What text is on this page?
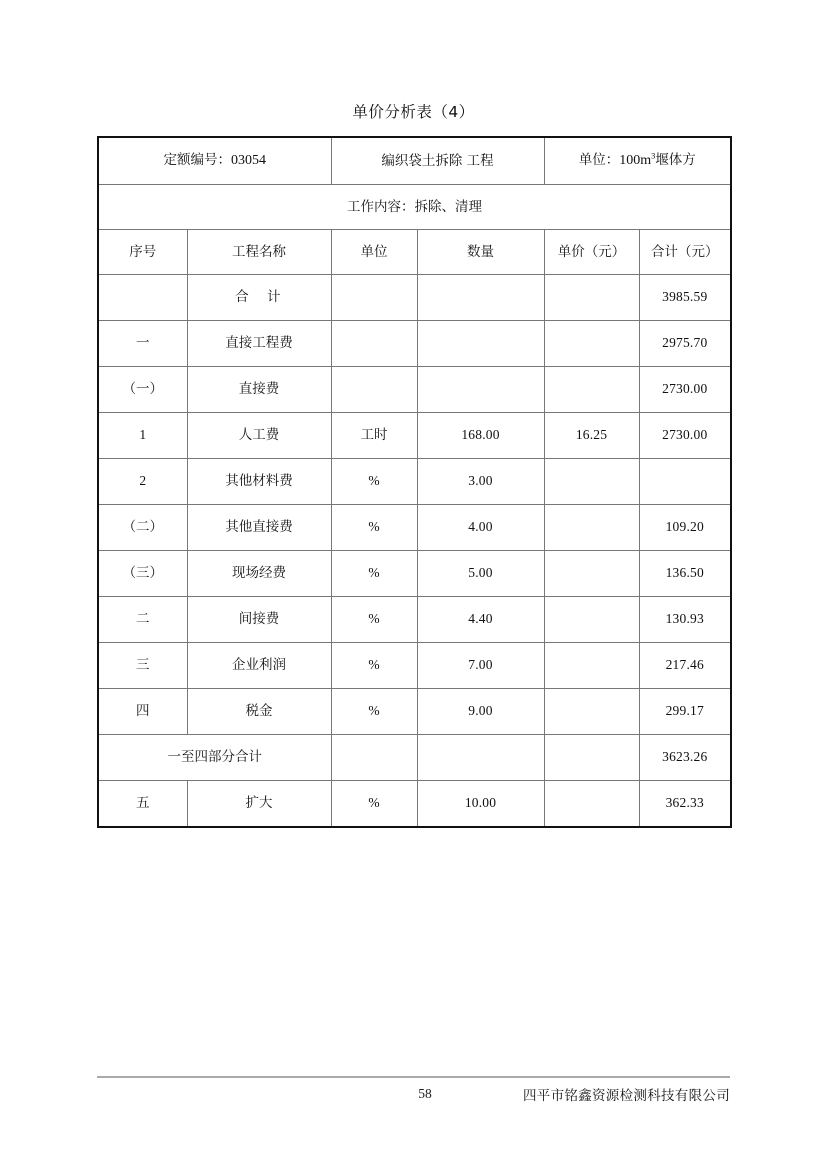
单价分析表（4）
定额编号：03054		编织袋土拆除 工程		单位：$100m^3$堰体方	
工作内容：拆除、清理					
序号	工程名称	单位	数量	单价（元）	合计（元）
	合　计				3985.59
一	直接工程费				2975.70
（一）	直接费				2730.00
1	人工费	工时	168.00	16.25	2730.00
2	其他材料费	%	3.00		
（二）	其他直接费	%	4.00		109.20
（三）	现场经费	%	5.00		136.50
二	间接费	%	4.40		130.93
三	企业利润	%	7.00		217.46
四	税金	%	9.00		299.17
一至四部分合计					3623.26
五	扩大	%	10.00		362.33
58	四平市铭鑫资源检测科技有限公司
